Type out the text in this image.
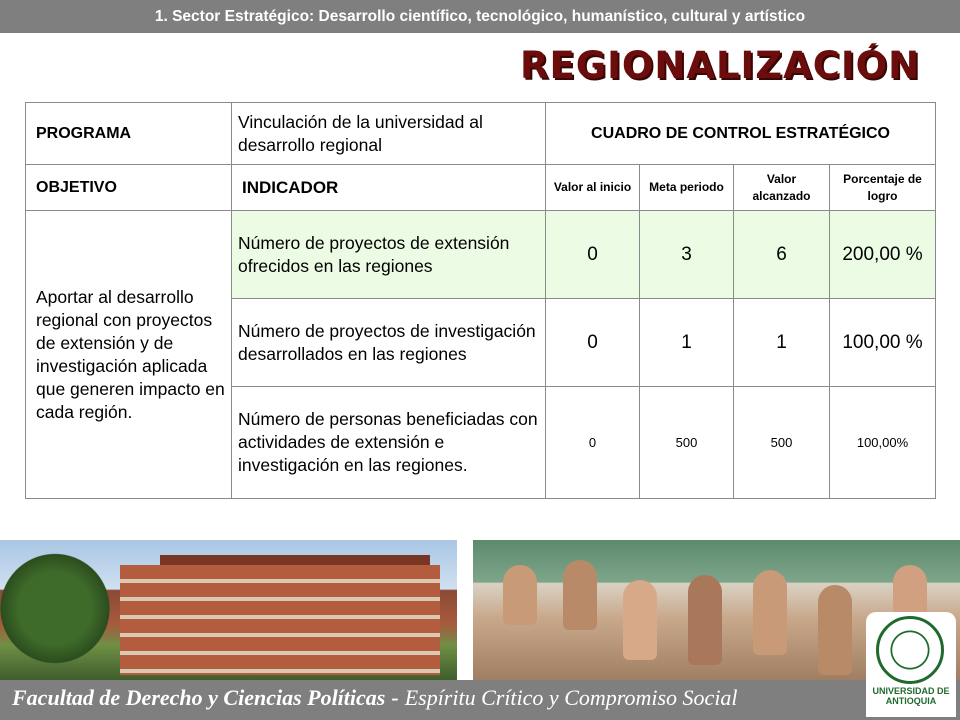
1. Sector Estratégico: Desarrollo científico, tecnológico, humanístico, cultural y artístico
REGIONALIZACIÓN
PROGRAMA	Vinculación de la universidad al desarrollo regional	CUADRO DE CONTROL ESTRATÉGICO			
OBJETIVO	INDICADOR	Valor al inicio	Meta periodo	Valor alcanzado	Porcentaje de logro
Aportar al desarrollo regional con proyectos de extensión y de investigación aplicada que generen impacto en cada región.	Número de proyectos de extensión ofrecidos en las regiones	0	3	6	200,00 %
	Número de proyectos de investigación desarrollados en las regiones	0	1	1	100,00 %
	Número de personas beneficiadas con actividades de extensión e investigación en las regiones.	0	500	500	100,00%
Facultad de Derecho y Ciencias Políticas - Espíritu Crítico y Compromiso Social	UNIVERSIDAD DE ANTIOQUIA
